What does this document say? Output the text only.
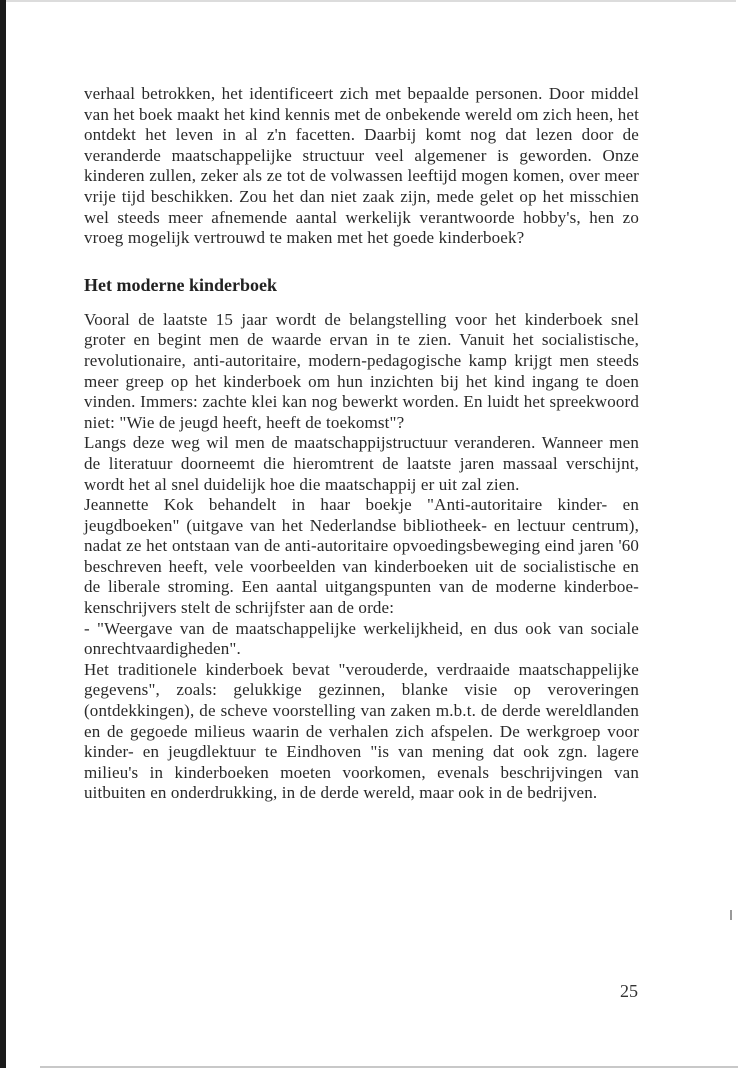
verhaal betrokken, het identificeert zich met bepaalde personen. Door middel van het boek maakt het kind kennis met de onbekende wereld om zich heen, het ontdekt het leven in al z'n facetten. Daarbij komt nog dat lezen door de veranderde maatschappelijke structuur veel algemener is geworden. Onze kinderen zullen, zeker als ze tot de volwassen leeftijd mogen komen, over meer vrije tijd beschikken. Zou het dan niet zaak zijn, mede gelet op het misschien wel steeds meer afnemende aantal werkelijk verantwoorde hobby's, hen zo vroeg mogelijk vertrouwd te maken met het goede kinderboek?

Het moderne kinderboek

Vooral de laatste 15 jaar wordt de belangstelling voor het kinderboek snel groter en begint men de waarde ervan in te zien. Vanuit het socialistische, revolutionaire, anti-autoritaire, modern-pedagogische kamp krijgt men steeds meer greep op het kinderboek om hun inzichten bij het kind ingang te doen vinden. Immers: zachte klei kan nog bewerkt worden. En luidt het spreekwoord niet: "Wie de jeugd heeft, heeft de toekomst"?

Langs deze weg wil men de maatschappijstructuur veranderen. Wanneer men de literatuur doorneemt die hieromtrent de laatste jaren massaal verschijnt, wordt het al snel duidelijk hoe die maatschappij er uit zal zien.

Jeannette Kok behandelt in haar boekje "Anti-autoritaire kinder- en jeugdboeken" (uitgave van het Nederlandse bibliotheek- en lectuur centrum), nadat ze het ontstaan van de anti-autoritaire opvoedingsbeweging eind jaren '60 beschreven heeft, vele voorbeelden van kinderboeken uit de socialistische en de liberale stroming. Een aantal uitgangspunten van de moderne kinderboe-kenschrijvers stelt de schrijfster aan de orde:

- "Weergave van de maatschappelijke werkelijkheid, en dus ook van sociale onrechtvaardigheden".

Het traditionele kinderboek bevat "verouderde, verdraaide maatschappelijke gegevens", zoals: gelukkige gezinnen, blanke visie op veroveringen (ontdekkingen), de scheve voorstelling van zaken m.b.t. de derde wereldlanden en de gegoede milieus waarin de verhalen zich afspelen. De werkgroep voor kinder- en jeugdlektuur te Eindhoven "is van mening dat ook zgn. lagere milieu's in kinderboeken moeten voorkomen, evenals beschrijvingen van uitbuiten en onderdrukking, in de derde wereld, maar ook in de bedrijven.

25
